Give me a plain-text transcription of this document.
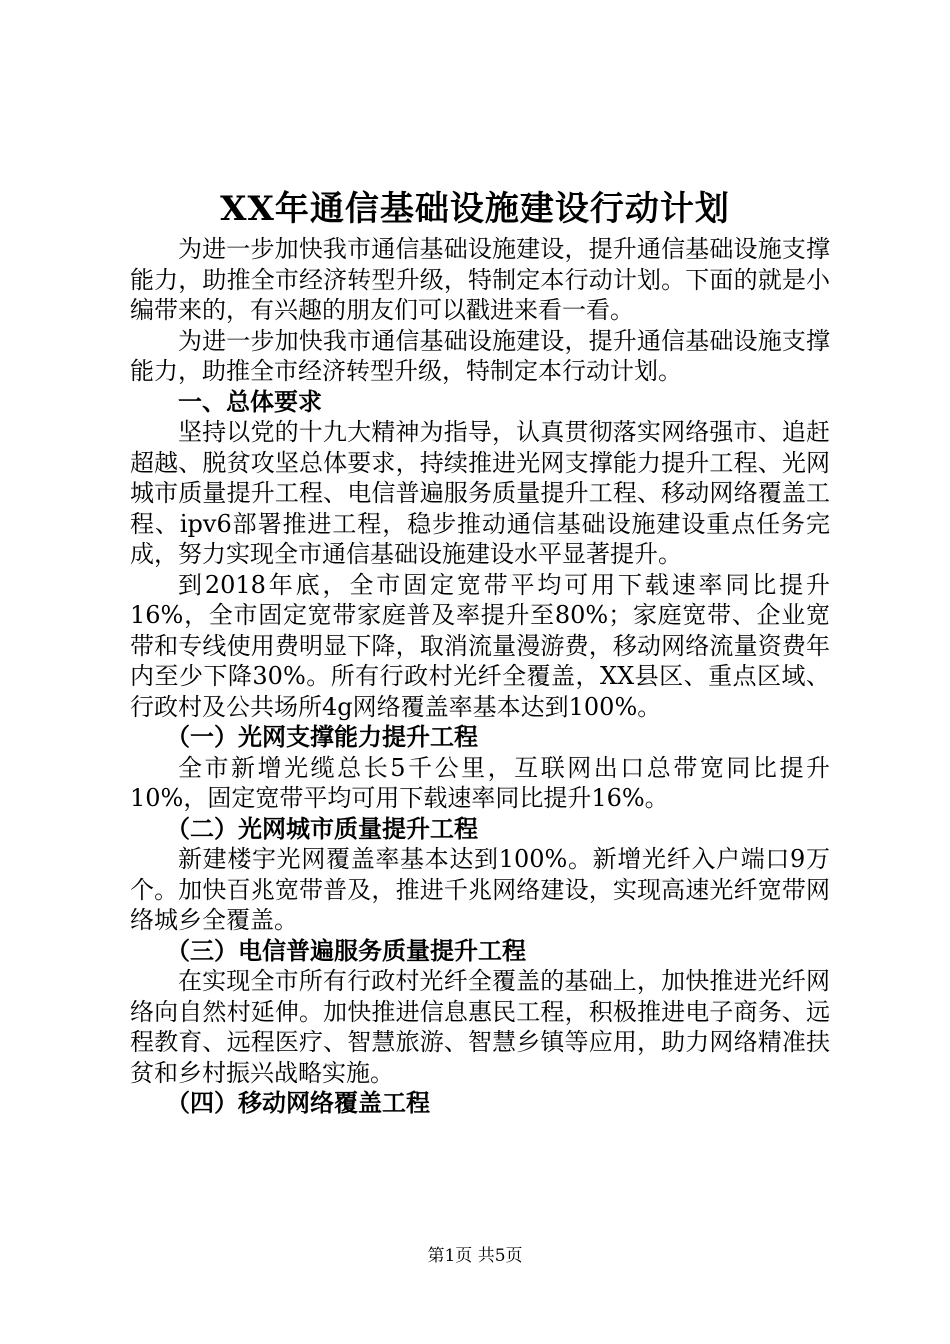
XX年通信基础设施建设行动计划

为进一步加快我市通信基础设施建设，提升通信基础设施支撑能力，助推全市经济转型升级，特制定本行动计划。下面的就是小编带来的，有兴趣的朋友们可以戳进来看一看。

为进一步加快我市通信基础设施建设，提升通信基础设施支撑能力，助推全市经济转型升级，特制定本行动计划。

一、总体要求

坚持以党的十九大精神为指导，认真贯彻落实网络强市、追赶超越、脱贫攻坚总体要求，持续推进光网支撑能力提升工程、光网城市质量提升工程、电信普遍服务质量提升工程、移动网络覆盖工程、ipv6部署推进工程，稳步推动通信基础设施建设重点任务完成，努力实现全市通信基础设施建设水平显著提升。

到2018年底，全市固定宽带平均可用下载速率同比提升16%，全市固定宽带家庭普及率提升至80%；家庭宽带、企业宽带和专线使用费明显下降，取消流量漫游费，移动网络流量资费年内至少下降30%。所有行政村光纤全覆盖，XX县区、重点区域、行政村及公共场所4g网络覆盖率基本达到100%。

（一）光网支撑能力提升工程

全市新增光缆总长5千公里，互联网出口总带宽同比提升10%，固定宽带平均可用下载速率同比提升16%。

（二）光网城市质量提升工程

新建楼宇光网覆盖率基本达到100%。新增光纤入户端口9万个。加快百兆宽带普及，推进千兆网络建设，实现高速光纤宽带网络城乡全覆盖。

（三）电信普遍服务质量提升工程

在实现全市所有行政村光纤全覆盖的基础上，加快推进光纤网络向自然村延伸。加快推进信息惠民工程，积极推进电子商务、远程教育、远程医疗、智慧旅游、智慧乡镇等应用，助力网络精准扶贫和乡村振兴战略实施。

（四）移动网络覆盖工程
第1页 共5页
